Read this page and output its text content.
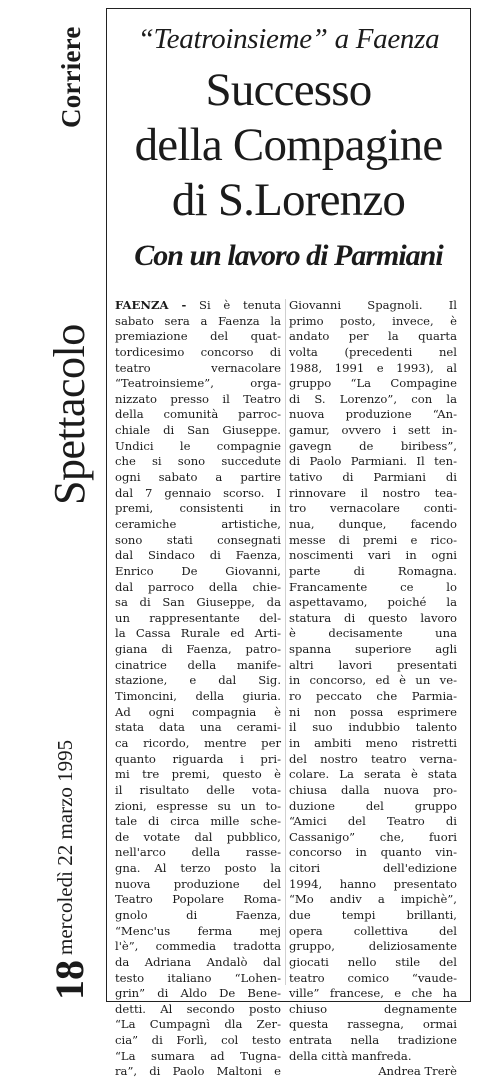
Corriere
Spettacolo
mercoledì 22 marzo 1995
18
“Teatroinsieme” a Faenza
Successo
della Compagine
di S.Lorenzo
Con un lavoro di Parmiani
FAENZA - Si è tenuta
sabato sera a Faenza la
premiazione del quat-
tordicesimo concorso di
teatro vernacolare
“Teatroinsieme”, orga-
nizzato presso il Teatro
della comunità parroc-
chiale di San Giuseppe.
Undici le compagnie
che si sono succedute
ogni sabato a partire
dal 7 gennaio scorso. I
premi, consistenti in
ceramiche artistiche,
sono stati consegnati
dal Sindaco di Faenza,
Enrico De Giovanni,
dal parroco della chie-
sa di San Giuseppe, da
un rappresentante del-
la Cassa Rurale ed Arti-
giana di Faenza, patro-
cinatrice della manife-
stazione, e dal Sig.
Timoncini, della giuria.
Ad ogni compagnia è
stata data una cerami-
ca ricordo, mentre per
quanto riguarda i pri-
mi tre premi, questo è
il risultato delle vota-
zioni, espresse su un to-
tale di circa mille sche-
de votate dal pubblico,
nell'arco della rasse-
gna. Al terzo posto la
nuova produzione del
Teatro Popolare Roma-
gnolo di Faenza,
“Menc'us ferma mej
l'è”, commedia tradotta
da Adriana Andalò dal
testo italiano “Lohen-
grin” di Aldo De Bene-
detti. Al secondo posto
“La Cumpagnì dla Zer-
cia” di Forlì, col testo
“La sumara ad Tugna-
ra”, di Paolo Maltoni e
Giovanni Spagnoli. Il
primo posto, invece, è
andato per la quarta
volta (precedenti nel
1988, 1991 e 1993), al
gruppo “La Compagine
di S. Lorenzo”, con la
nuova produzione “An-
gamur, ovvero i sett in-
gavegn de biribess”,
di Paolo Parmiani. Il ten-
tativo di Parmiani di
rinnovare il nostro tea-
tro vernacolare conti-
nua, dunque, facendo
messe di premi e rico-
noscimenti vari in ogni
parte di Romagna.
Francamente ce lo
aspettavamo, poiché la
statura di questo lavoro
è decisamente una
spanna superiore agli
altri lavori presentati
in concorso, ed è un ve-
ro peccato che Parmia-
ni non possa esprimere
il suo indubbio talento
in ambiti meno ristretti
del nostro teatro verna-
colare. La serata è stata
chiusa dalla nuova pro-
duzione del gruppo
“Amici del Teatro di
Cassanigo” che, fuori
concorso in quanto vin-
citori dell'edizione
1994, hanno presentato
“Mo andiv a impichè”,
due tempi brillanti,
opera collettiva del
gruppo, deliziosamente
giocati nello stile del
teatro comico “vaude-
ville” francese, e che ha
chiuso degnamente
questa rassegna, ormai
entrata nella tradizione
della città manfreda.
Andrea Trerè
